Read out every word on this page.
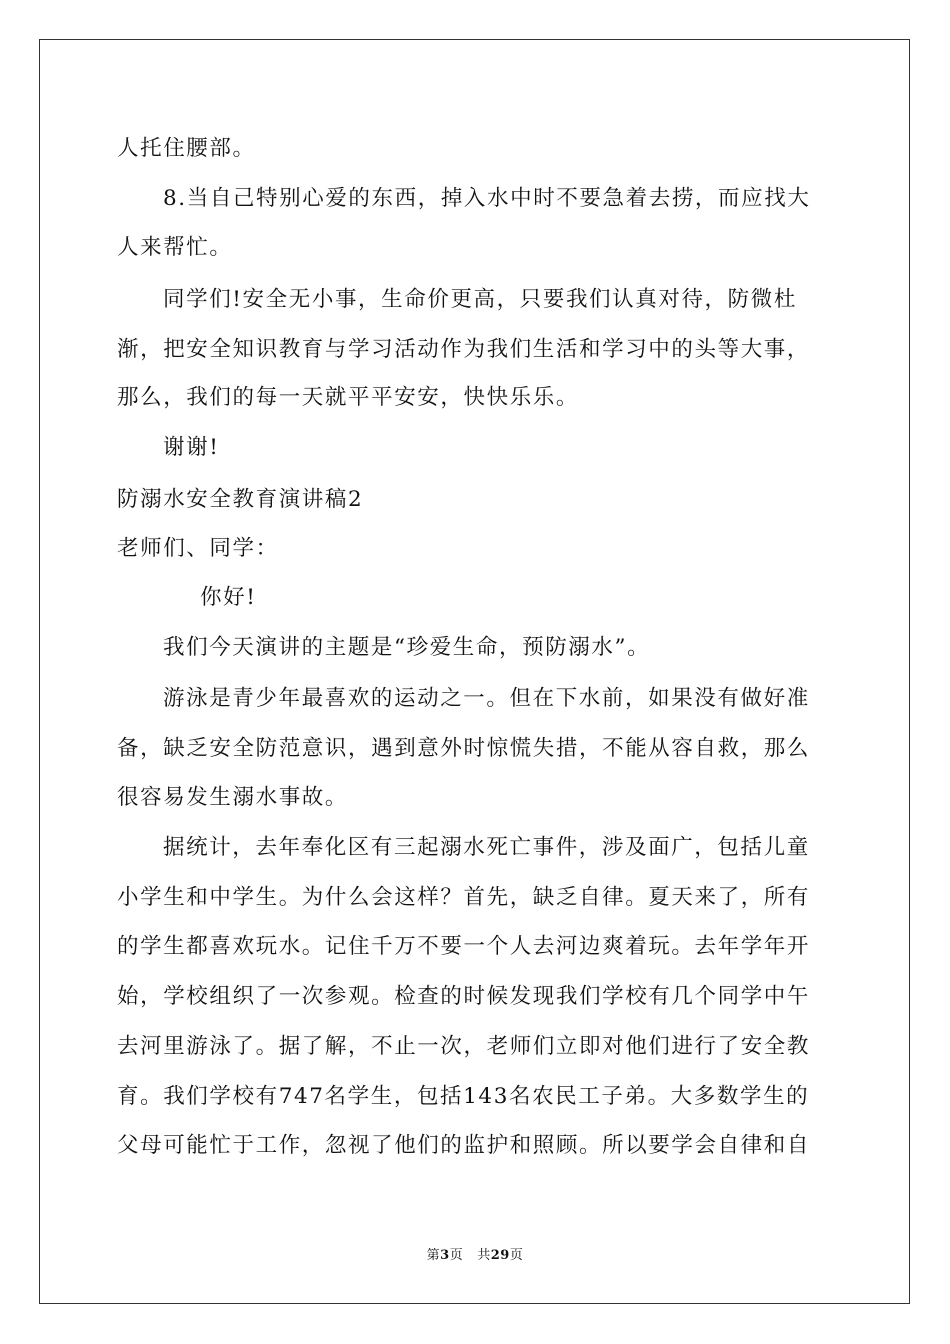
人托住腰部。
8.当自己特别心爱的东西，掉入水中时不要急着去捞，而应找大
人来帮忙。
同学们!安全无小事，生命价更高，只要我们认真对待，防微杜
渐，把安全知识教育与学习活动作为我们生活和学习中的头等大事，
那么，我们的每一天就平平安安，快快乐乐。
谢谢!
防溺水安全教育演讲稿2
老师们、同学：
你好!
我们今天演讲的主题是“珍爱生命，预防溺水”。
游泳是青少年最喜欢的运动之一。但在下水前，如果没有做好准
备，缺乏安全防范意识，遇到意外时惊慌失措，不能从容自救，那么
很容易发生溺水事故。
据统计，去年奉化区有三起溺水死亡事件，涉及面广，包括儿童
小学生和中学生。为什么会这样？首先，缺乏自律。夏天来了，所有
的学生都喜欢玩水。记住千万不要一个人去河边爽着玩。去年学年开
始，学校组织了一次参观。检查的时候发现我们学校有几个同学中午
去河里游泳了。据了解，不止一次，老师们立即对他们进行了安全教
育。我们学校有747名学生，包括143名农民工子弟。大多数学生的
父母可能忙于工作，忽视了他们的监护和照顾。所以要学会自律和自
第3页 共29页
